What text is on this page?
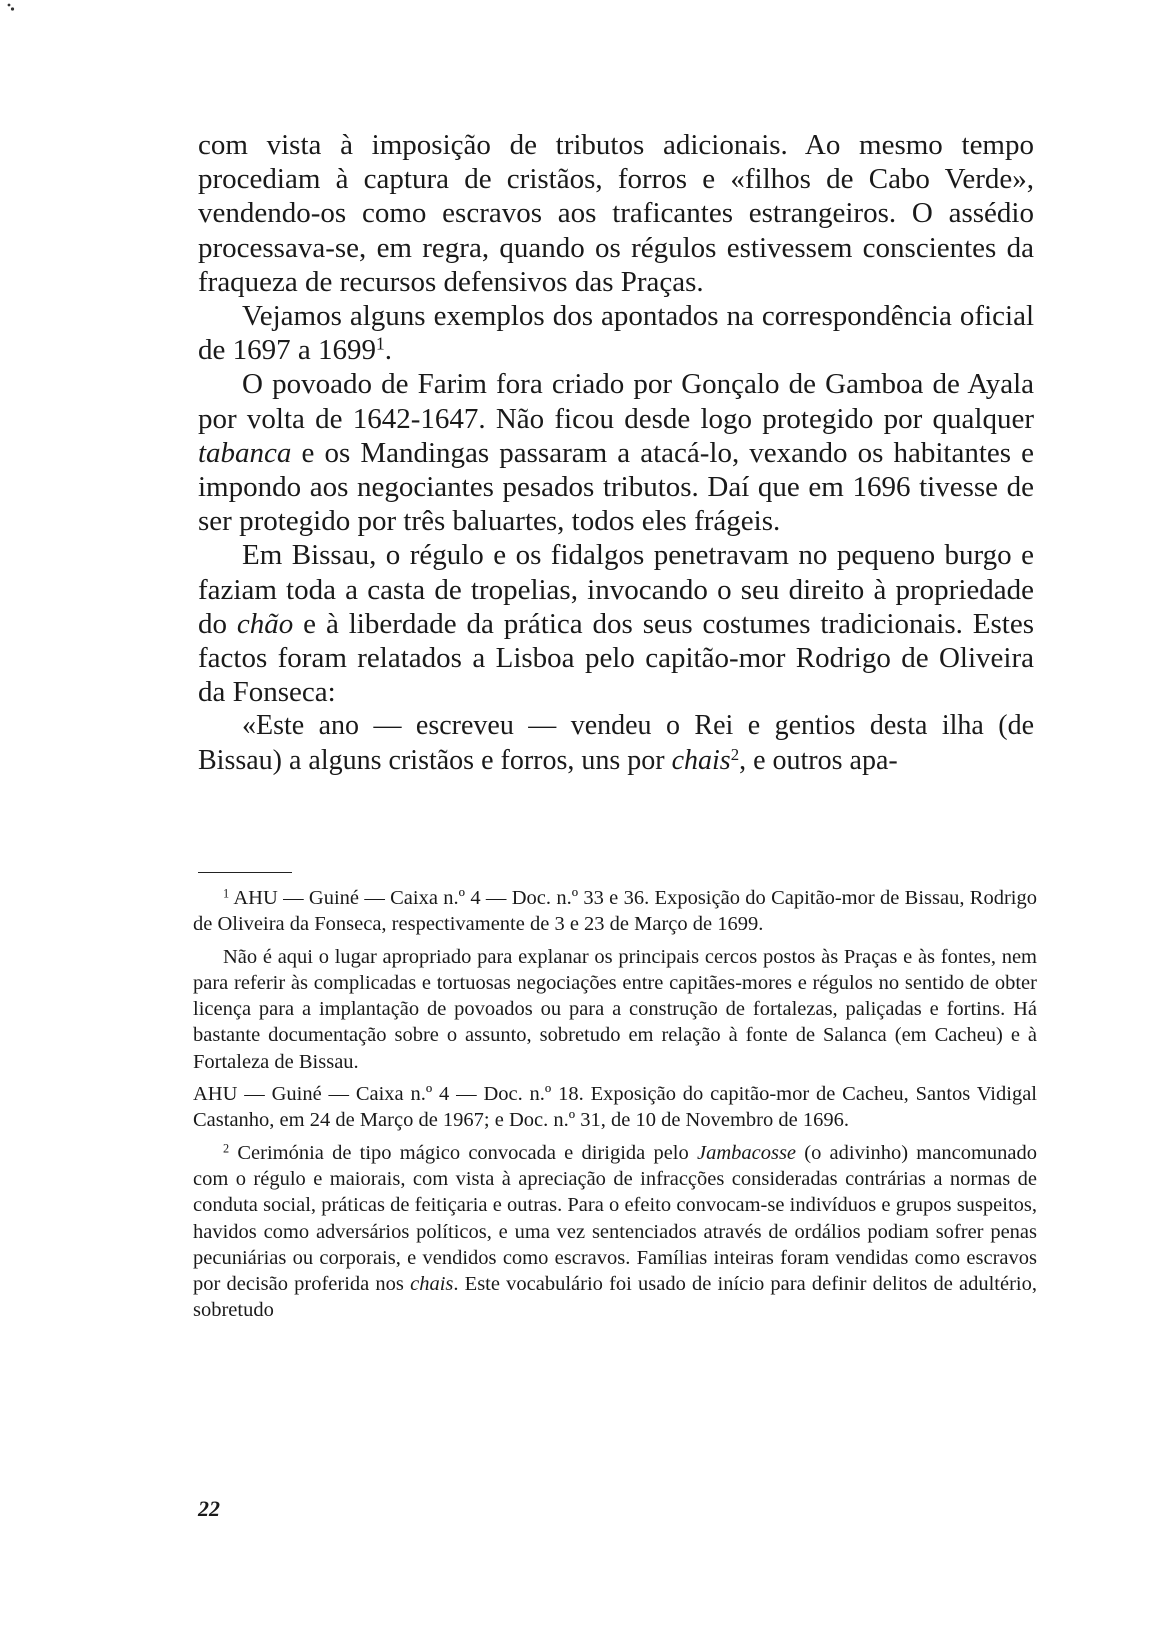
com vista à imposição de tributos adicionais. Ao mesmo tempo procediam à captura de cristãos, forros e «filhos de Cabo Verde», vendendo-os como escravos aos traficantes estrangeiros. O assédio processava-se, em regra, quando os régulos estivessem conscientes da fraqueza de recursos defensivos das Praças.

Vejamos alguns exemplos dos apontados na correspondência oficial de 1697 a 1699$^1$.

O povoado de Farim fora criado por Gonçalo de Gamboa de Ayala por volta de 1642-1647. Não ficou desde logo protegido por qualquer tabanca e os Mandingas passaram a atacá-lo, vexando os habitantes e impondo aos negociantes pesados tributos. Daí que em 1696 tivesse de ser protegido por três baluartes, todos eles frágeis.

Em Bissau, o régulo e os fidalgos penetravam no pequeno burgo e faziam toda a casta de tropelias, invocando o seu direito à propriedade do chão e à liberdade da prática dos seus costumes tradicionais. Estes factos foram relatados a Lisboa pelo capitão-mor Rodrigo de Oliveira da Fonseca:

«Este ano — escreveu — vendeu o Rei e gentios desta ilha (de Bissau) a alguns cristãos e forros, uns por chais$^2$, e outros apa-

$^1$ AHU — Guiné — Caixa n.º 4 — Doc. n.º 33 e 36. Exposição do Capitão-mor de Bissau, Rodrigo de Oliveira da Fonseca, respectivamente de 3 e 23 de Março de 1699.

Não é aqui o lugar apropriado para explanar os principais cercos postos às Praças e às fontes, nem para referir às complicadas e tortuosas negociações entre capitães-mores e régulos no sentido de obter licença para a implantação de povoados ou para a construção de fortalezas, paliçadas e fortins. Há bastante documentação sobre o assunto, sobretudo em relação à fonte de Salanca (em Cacheu) e à Fortaleza de Bissau.

AHU — Guiné — Caixa n.º 4 — Doc. n.º 18. Exposição do capitão-mor de Cacheu, Santos Vidigal Castanho, em 24 de Março de 1967; e Doc. n.º 31, de 10 de Novembro de 1696.

$^2$ Cerimónia de tipo mágico convocada e dirigida pelo Jambacosse (o adivinho) mancomunado com o régulo e maiorais, com vista à apreciação de infracções consideradas contrárias a normas de conduta social, práticas de feitiçaria e outras. Para o efeito convocam-se indivíduos e grupos suspeitos, havidos como adversários políticos, e uma vez sentenciados através de ordálios podiam sofrer penas pecuniárias ou corporais, e vendidos como escravos. Famílias inteiras foram vendidas como escravos por decisão proferida nos chais. Este vocabulário foi usado de início para definir delitos de adultério, sobretudo

22
